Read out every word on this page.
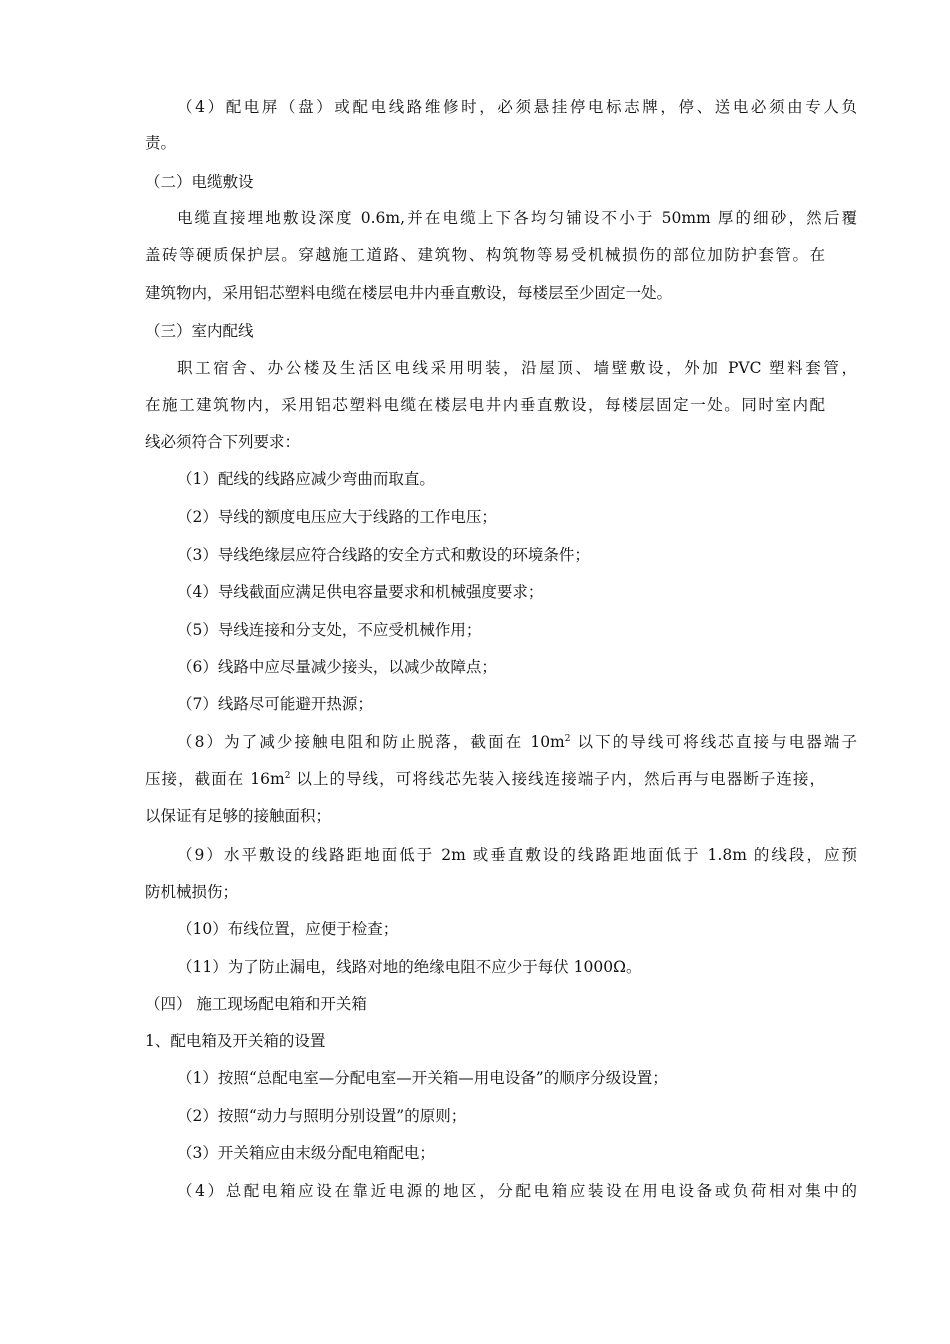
（4）配电屏（盘）或配电线路维修时，必须悬挂停电标志牌，停、送电必须由专人负
责。
（二）电缆敷设
电缆直接埋地敷设深度 0.6m,并在电缆上下各均匀铺设不小于 50mm 厚的细砂，然后覆
盖砖等硬质保护层。穿越施工道路、建筑物、构筑物等易受机械损伤的部位加防护套管。在
建筑物内，采用铝芯塑料电缆在楼层电井内垂直敷设，每楼层至少固定一处。
（三）室内配线
职工宿舍、办公楼及生活区电线采用明装，沿屋顶、墙壁敷设，外加 PVC 塑料套管，
在施工建筑物内，采用铝芯塑料电缆在楼层电井内垂直敷设，每楼层固定一处。同时室内配
线必须符合下列要求：
（1）配线的线路应减少弯曲而取直。
（2）导线的额度电压应大于线路的工作电压；
（3）导线绝缘层应符合线路的安全方式和敷设的环境条件；
（4）导线截面应满足供电容量要求和机械强度要求；
（5）导线连接和分支处，不应受机械作用；
（6）线路中应尽量减少接头，以减少故障点；
（7）线路尽可能避开热源；
（8）为了减少接触电阻和防止脱落，截面在 $10m^2$ 以下的导线可将线芯直接与电器端子
压接，截面在 $16m^2$ 以上的导线，可将线芯先装入接线连接端子内，然后再与电器断子连接，
以保证有足够的接触面积；
（9）水平敷设的线路距地面低于 2m 或垂直敷设的线路距地面低于 1.8m 的线段，应预
防机械损伤；
（10）布线位置，应便于检查；
（11）为了防止漏电，线路对地的绝缘电阻不应少于每伏 1000Ω。
（四） 施工现场配电箱和开关箱
1、配电箱及开关箱的设置
（1）按照“总配电室—分配电室—开关箱—用电设备”的顺序分级设置；
（2）按照“动力与照明分别设置”的原则；
（3）开关箱应由末级分配电箱配电；
（4）总配电箱应设在靠近电源的地区，分配电箱应装设在用电设备或负荷相对集中的
